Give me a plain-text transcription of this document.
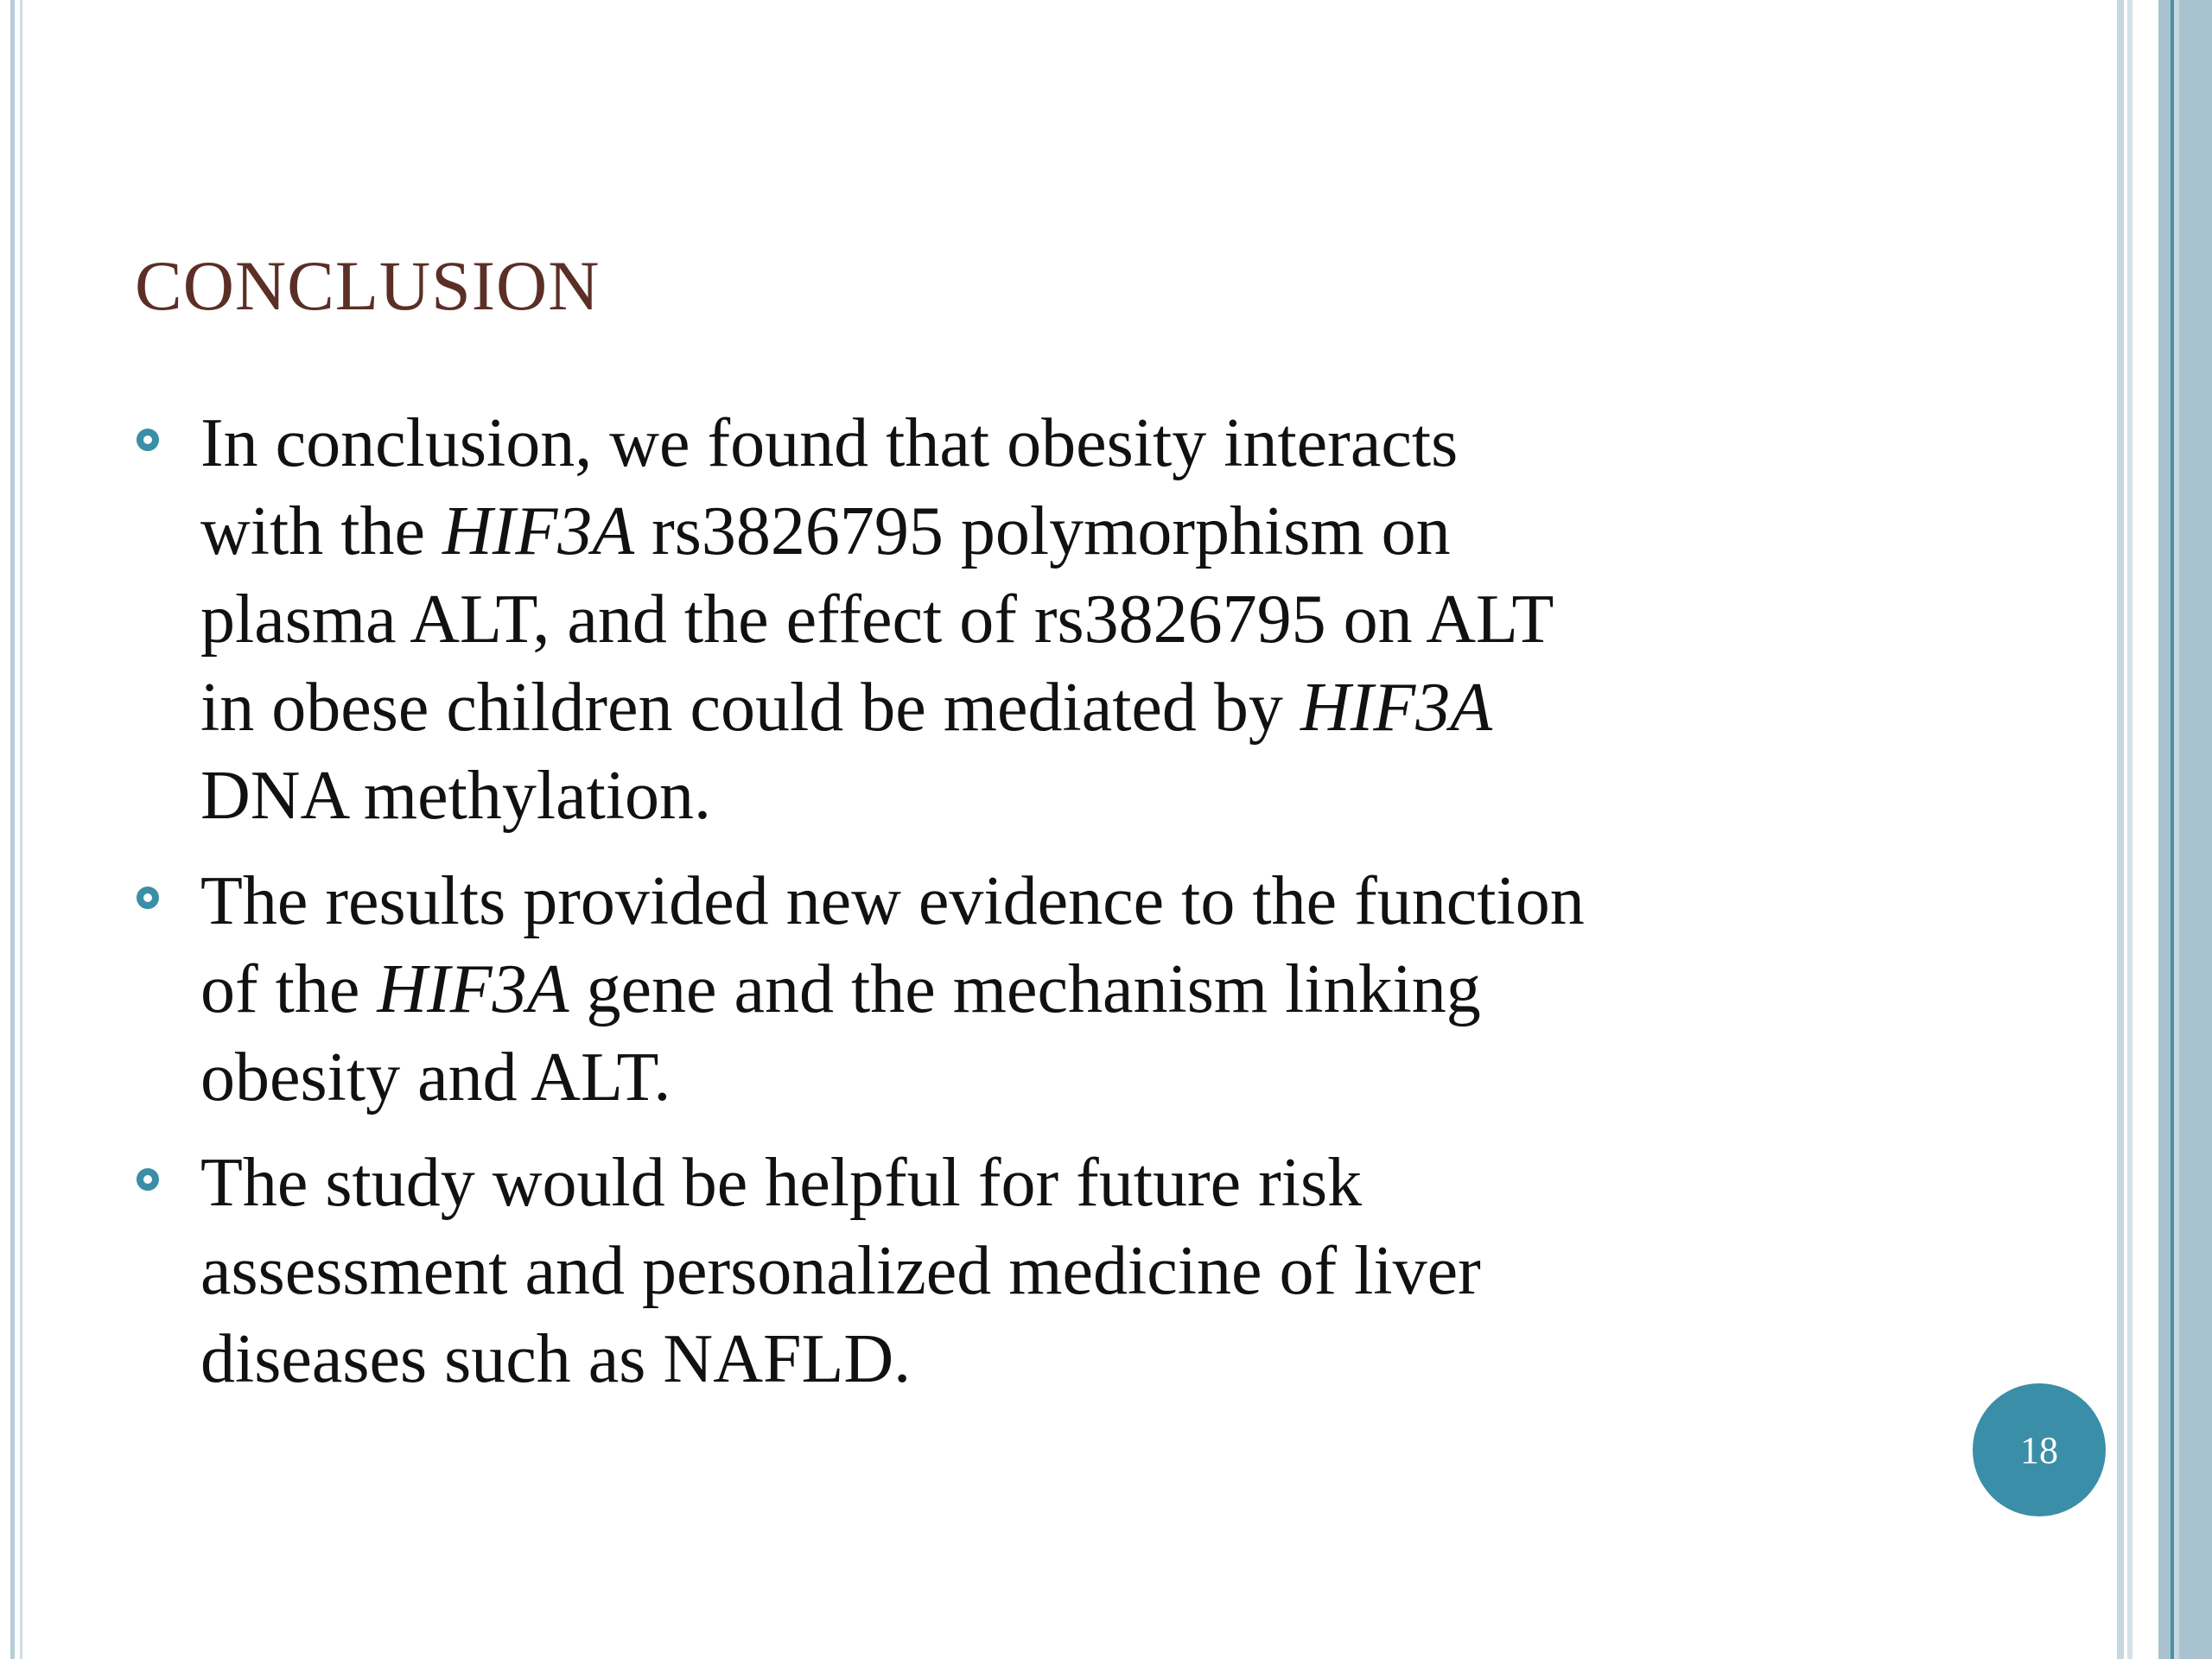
CONCLUSION
In conclusion, we found that obesity interacts
with the HIF3A rs3826795 polymorphism on
plasma ALT, and the effect of rs3826795 on ALT
in obese children could be mediated by HIF3A
DNA methylation.
The results provided new evidence to the function
of the HIF3A gene and the mechanism linking
obesity and ALT.
The study would be helpful for future risk
assessment and personalized medicine of liver
diseases such as NAFLD.
18
